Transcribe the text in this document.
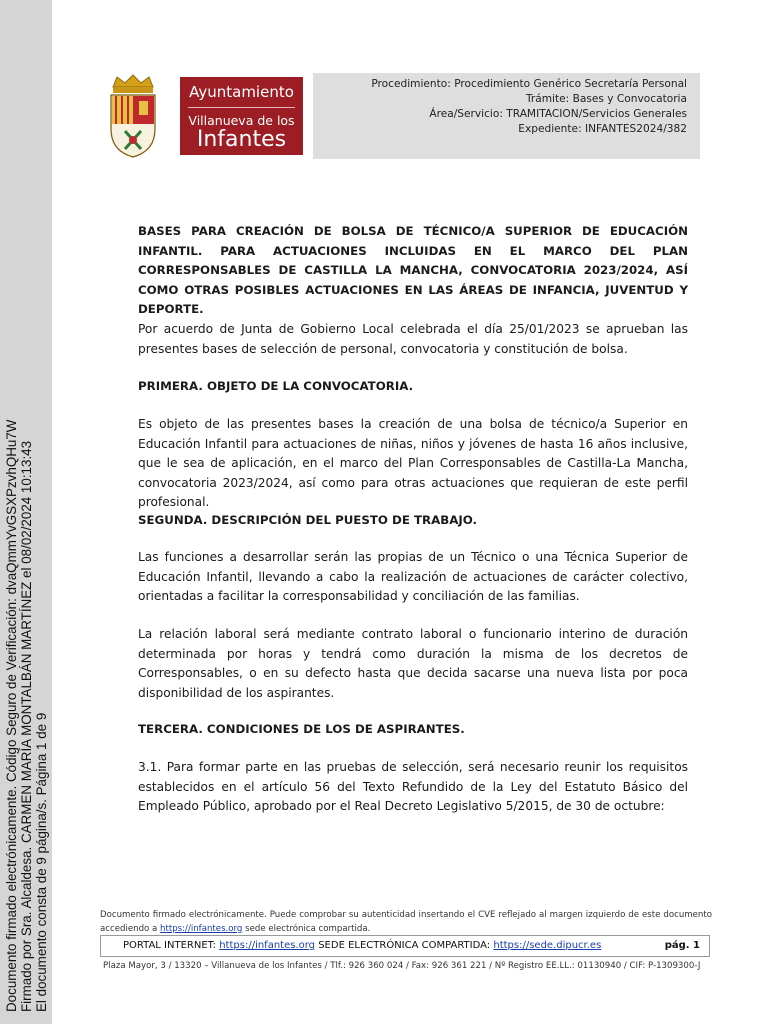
Documento firmado electrónicamente. Código Seguro de Verificación: dvaQmmYvGSXPzvhQHu7W Firmado por Sra. Alcaldesa. CARMEN MARÍA MONTALBÁN MARTÍNEZ el 08/02/2024 10:13:43 El documento consta de 9 página/s. Página 1 de 9
Ayuntamiento
Villanueva de los
Infantes
Procedimiento: Procedimiento Genérico Secretaría Personal
Trámite: Bases y Convocatoria
Área/Servicio: TRAMITACION/Servicios Generales
Expediente: INFANTES2024/382
BASES PARA CREACIÓN DE BOLSA DE TÉCNICO/A SUPERIOR DE EDUCACIÓN INFANTIL. PARA ACTUACIONES INCLUIDAS EN EL MARCO DEL PLAN CORRESPONSABLES DE CASTILLA LA MANCHA, CONVOCATORIA 2023/2024, ASÍ COMO OTRAS POSIBLES ACTUACIONES EN LAS ÁREAS DE INFANCIA, JUVENTUD Y DEPORTE.
Por acuerdo de Junta de Gobierno Local celebrada el día 25/01/2023 se aprueban las presentes bases de selección de personal, convocatoria y constitución de bolsa.
PRIMERA. OBJETO DE LA CONVOCATORIA.
Es objeto de las presentes bases la creación de una bolsa de técnico/a Superior en Educación Infantil para actuaciones de niñas, niños y jóvenes de hasta 16 años inclusive, que le sea de aplicación, en el marco del Plan Corresponsables de Castilla-La Mancha, convocatoria 2023/2024, así como para otras actuaciones que requieran de este perfil profesional.
SEGUNDA. DESCRIPCIÓN DEL PUESTO DE TRABAJO.
Las funciones a desarrollar serán las propias de un Técnico o una Técnica Superior de Educación Infantil, llevando a cabo la realización de actuaciones de carácter colectivo, orientadas a facilitar la corresponsabilidad y conciliación de las familias.
La relación laboral será mediante contrato laboral o funcionario interino de duración determinada por horas y tendrá como duración la misma de los decretos de Corresponsables, o en su defecto hasta que decida sacarse una nueva lista por poca disponibilidad de los aspirantes.
TERCERA. CONDICIONES DE LOS DE ASPIRANTES.
3.1. Para formar parte en las pruebas de selección, será necesario reunir los requisitos establecidos en el artículo 56 del Texto Refundido de la Ley del Estatuto Básico del Empleado Público, aprobado por el Real Decreto Legislativo 5/2015, de 30 de octubre:
Documento firmado electrónicamente. Puede comprobar su autenticidad insertando el CVE reflejado al margen izquierdo de este documento accediendo a https://infantes.org sede electrónica compartida.
PORTAL INTERNET: https://infantes.org SEDE ELECTRÓNICA COMPARTIDA: https://sede.dipucr.es	pág. 1
Plaza Mayor, 3 / 13320 – Villanueva de los Infantes / Tlf.: 926 360 024 / Fax: 926 361 221 / Nº Registro EE.LL.: 01130940 / CIF: P-1309300-J
